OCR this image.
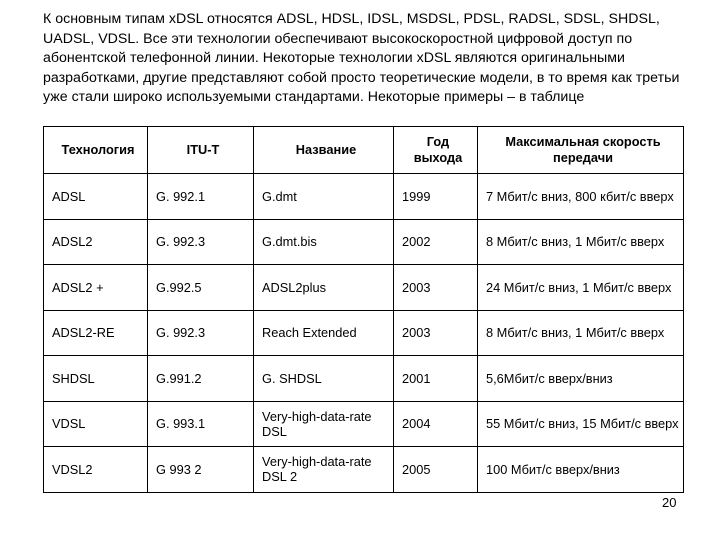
К основным типам xDSL относятся ADSL, HDSL, IDSL, MSDSL, PDSL, RADSL, SDSL, SHDSL, UADSL, VDSL. Все эти технологии обеспечивают высокоскоростной цифровой доступ по абонентской телефонной линии. Некоторые технологии xDSL являются оригинальными разработками, другие представляют собой просто теоретические модели, в то время как третьи уже стали широко используемыми стандартами. Некоторые примеры – в таблице

Технология	ITU-T	Название	Год выхода	Максимальная скорость передачи
ADSL	G. 992.1	G.dmt	1999	7 Мбит/с вниз, 800 кбит/с вверх
ADSL2	G. 992.3	G.dmt.bis	2002	8 Мбит/с вниз, 1 Мбит/с вверх
ADSL2 +	G.992.5	ADSL2plus	2003	24 Мбит/с вниз, 1 Мбит/с вверх
ADSL2-RE	G. 992.3	Reach Extended	2003	8 Мбит/с вниз, 1 Мбит/с вверх
SHDSL	G.991.2	G. SHDSL	2001	5,6Мбит/с вверх/вниз
VDSL	G. 993.1	Very-high-data-rate DSL	2004	55 Мбит/с вниз, 15 Мбит/с вверх
VDSL2	G 993 2	Very-high-data-rate DSL 2	2005	100 Мбит/с вверх/вниз
20
